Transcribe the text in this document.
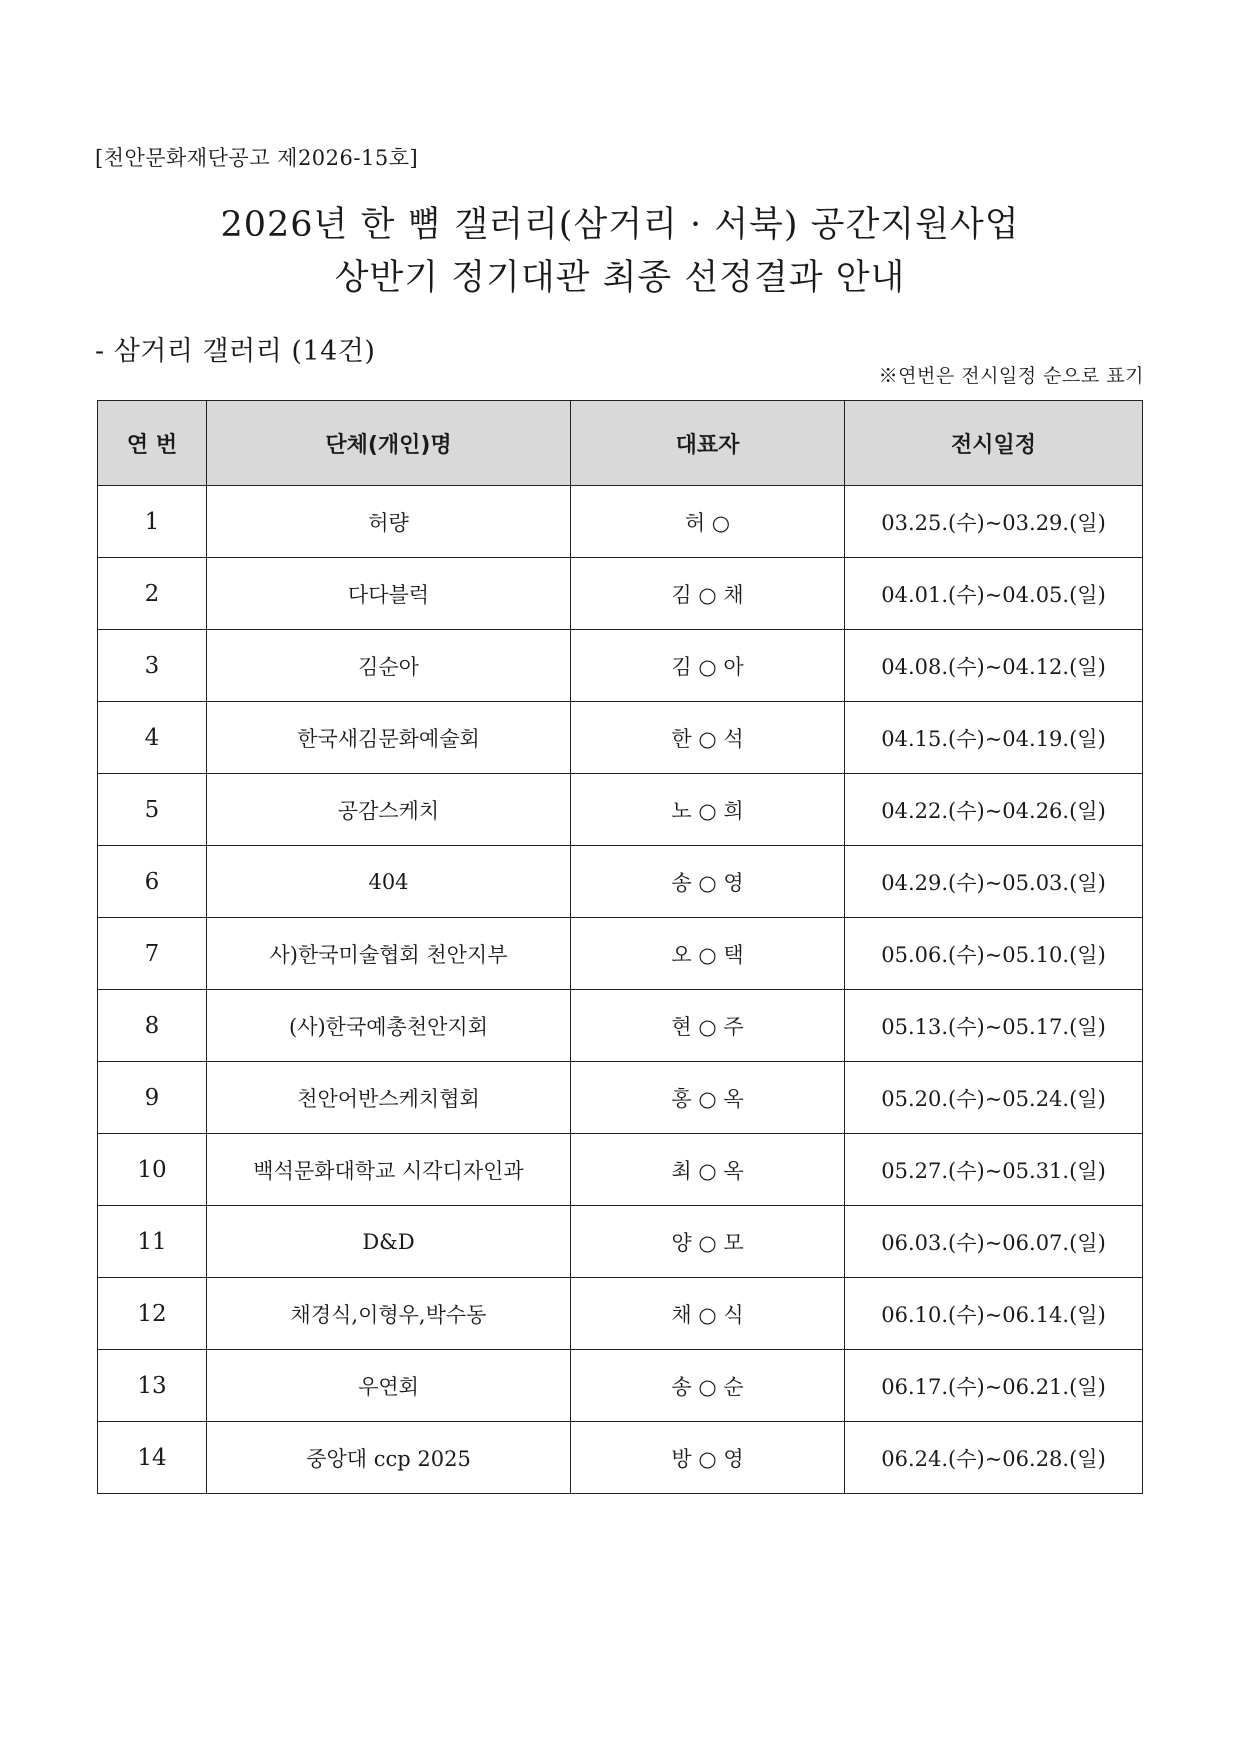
[천안문화재단공고 제2026-15호]
2026년 한 뼘 갤러리(삼거리 · 서북) 공간지원사업
상반기 정기대관 최종 선정결과 안내
- 삼거리 갤러리 (14건)
※연번은 전시일정 순으로 표기
연 번	단체(개인)명	대표자	전시일정
1	허량	허 ○	03.25.(수)~03.29.(일)
2	다다블럭	김 ○ 채	04.01.(수)~04.05.(일)
3	김순아	김 ○ 아	04.08.(수)~04.12.(일)
4	한국새김문화예술회	한 ○ 석	04.15.(수)~04.19.(일)
5	공감스케치	노 ○ 희	04.22.(수)~04.26.(일)
6	404	송 ○ 영	04.29.(수)~05.03.(일)
7	사)한국미술협회 천안지부	오 ○ 택	05.06.(수)~05.10.(일)
8	(사)한국예총천안지회	현 ○ 주	05.13.(수)~05.17.(일)
9	천안어반스케치협회	홍 ○ 옥	05.20.(수)~05.24.(일)
10	백석문화대학교 시각디자인과	최 ○ 옥	05.27.(수)~05.31.(일)
11	D&D	양 ○ 모	06.03.(수)~06.07.(일)
12	채경식,이형우,박수동	채 ○ 식	06.10.(수)~06.14.(일)
13	우연회	송 ○ 순	06.17.(수)~06.21.(일)
14	중앙대 ccp 2025	방 ○ 영	06.24.(수)~06.28.(일)
